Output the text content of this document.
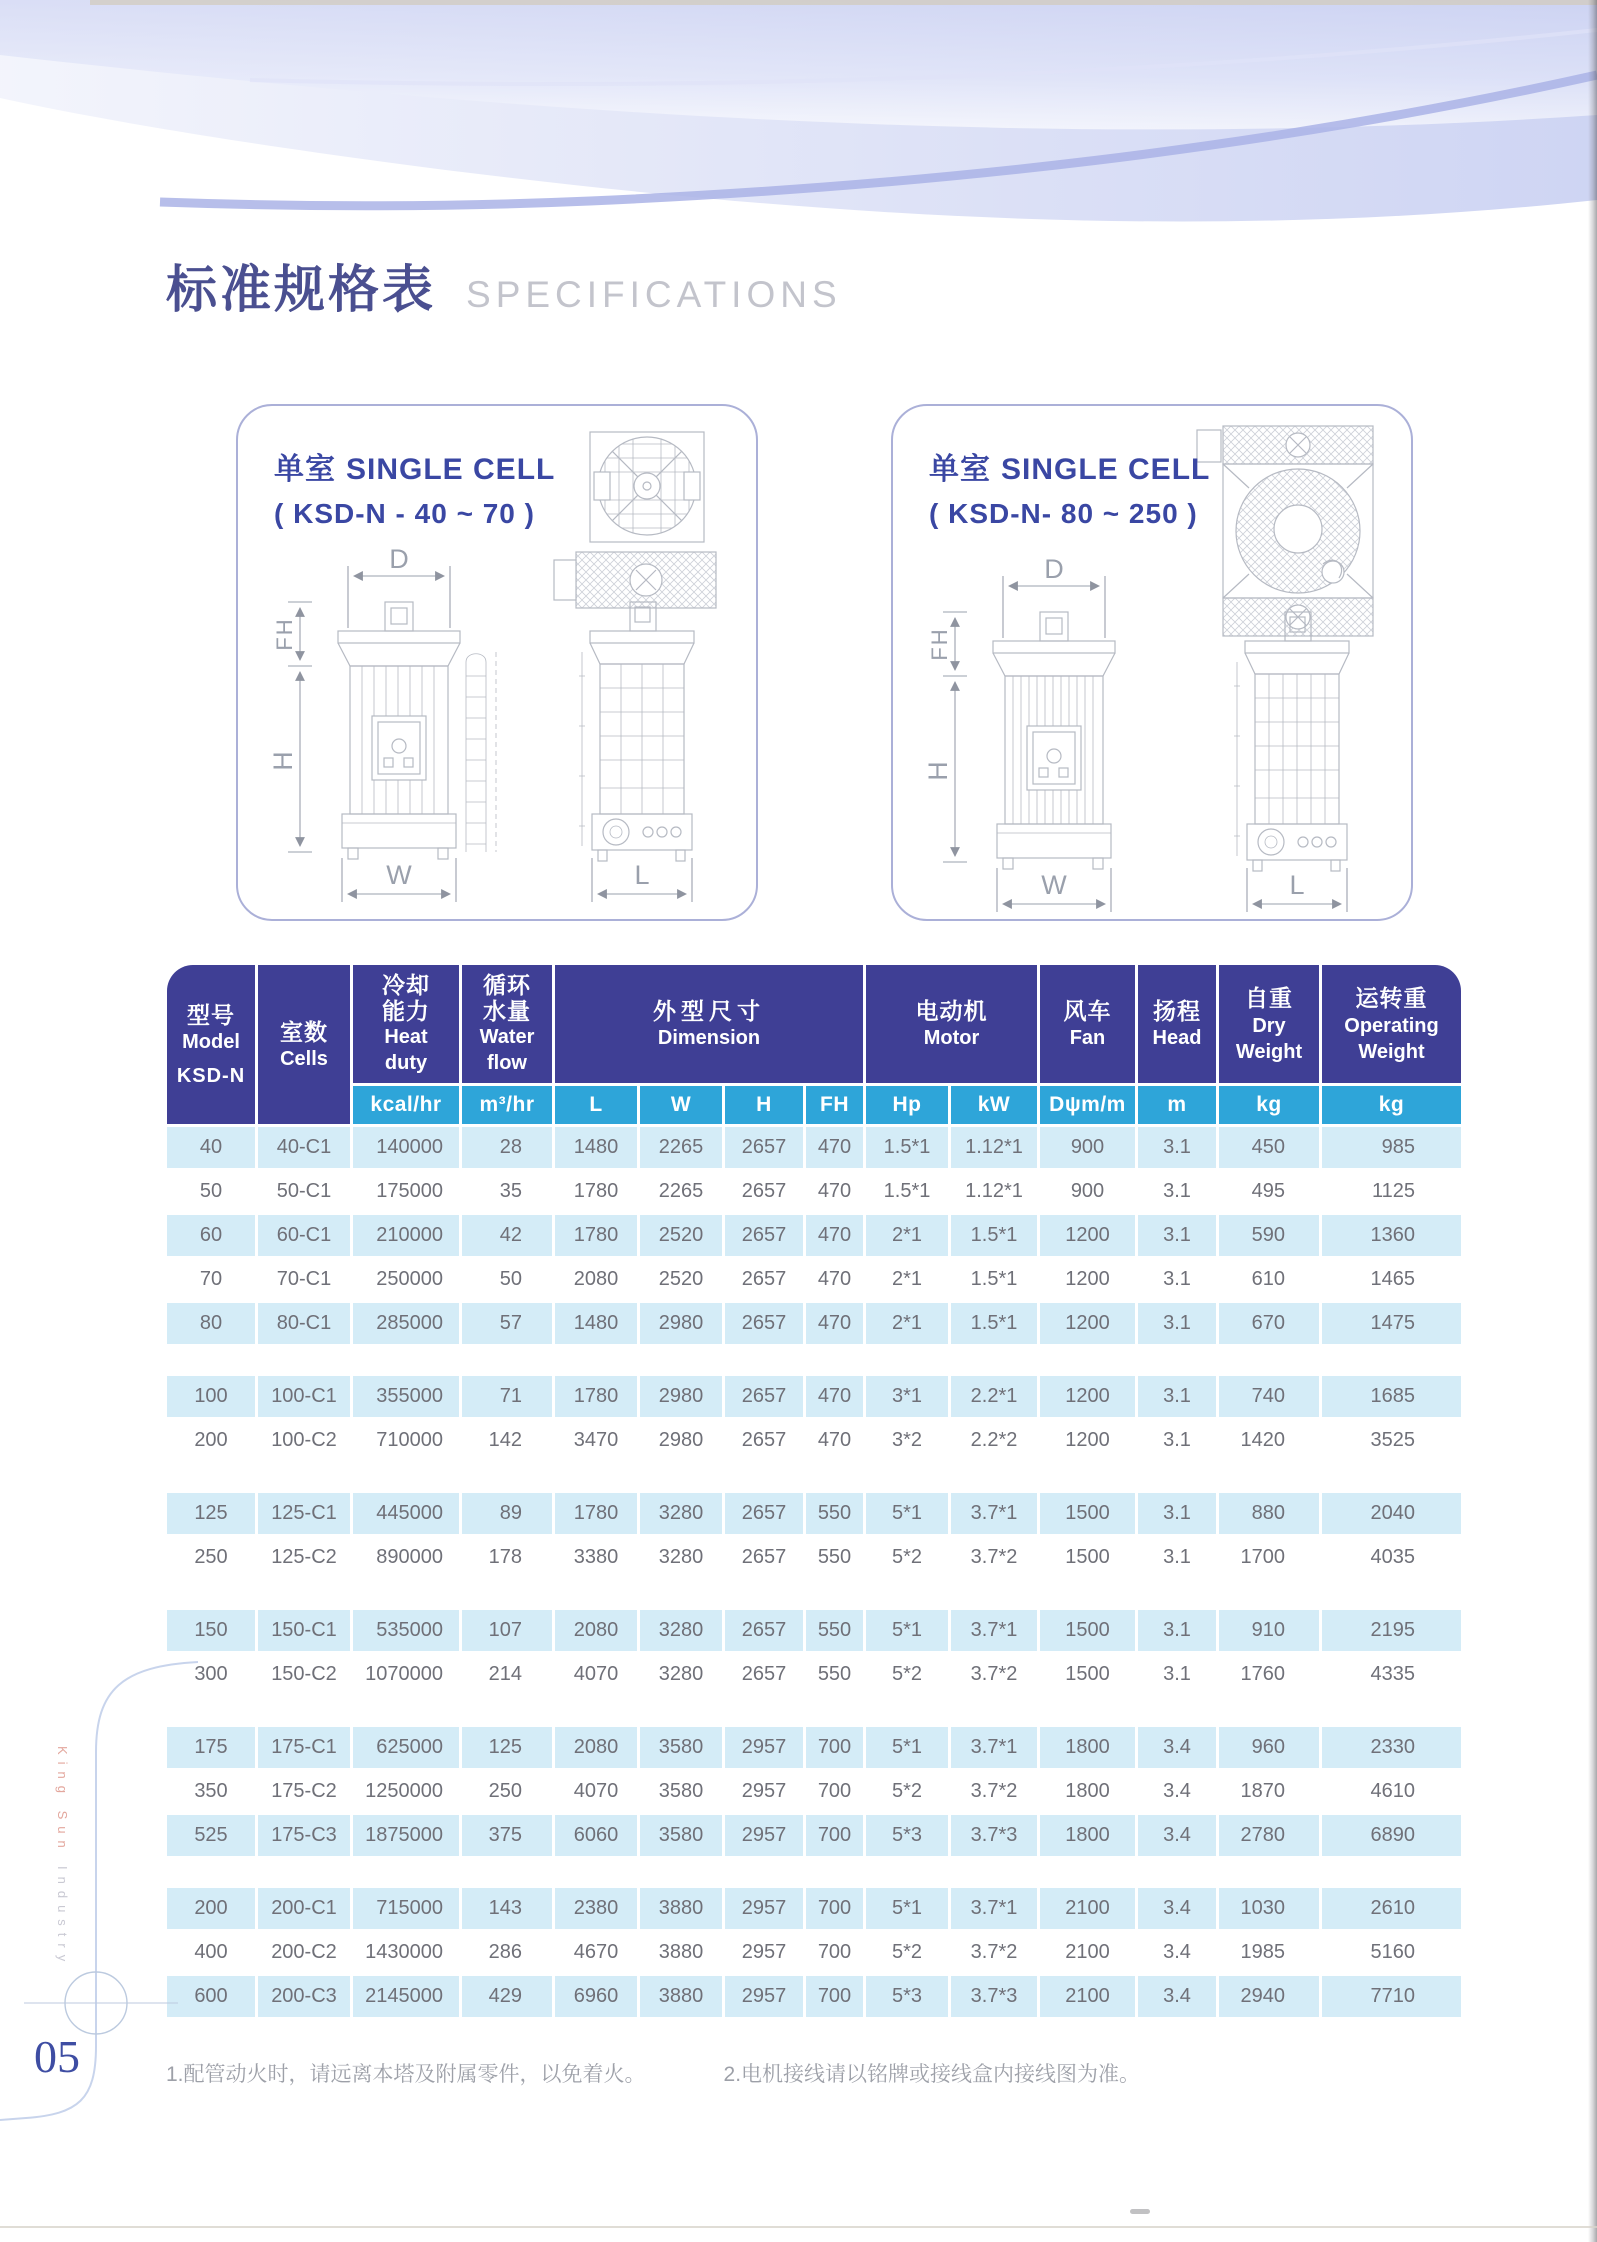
标准规格表 SPECIFICATIONS
单室 SINGLE CELL
( KSD-N - 40 ~ 70 )
D
FH
H
W	L
单室 SINGLE CELL
( KSD-N- 80 ~ 250 )
D
FH
H
W	L
型号
Model
KSD-N	室数
Cells	冷却
能力
Heat
duty	循环
水量
Water
flow	外型尺寸
Dimension				电动机
Motor		风车
Fan	扬程
Head	自重
Dry
Weight	运转重
Operating
Weight

		kcal/hr	m³/hr	L	W	H	FH	Hp	kW	Dψm/m	m	kg	kg
40	40-C1	140000	28	1480	2265	2657	470	1.5*1	1.12*1	900	3.1	450	985
50	50-C1	175000	35	1780	2265	2657	470	1.5*1	1.12*1	900	3.1	495	1125
60	60-C1	210000	42	1780	2520	2657	470	2*1	1.5*1	1200	3.1	590	1360
70	70-C1	250000	50	2080	2520	2657	470	2*1	1.5*1	1200	3.1	610	1465
80	80-C1	285000	57	1480	2980	2657	470	2*1	1.5*1	1200	3.1	670	1475

100	100-C1	355000	71	1780	2980	2657	470	3*1	2.2*1	1200	3.1	740	1685
200	100-C2	710000	142	3470	2980	2657	470	3*2	2.2*2	1200	3.1	1420	3525

125	125-C1	445000	89	1780	3280	2657	550	5*1	3.7*1	1500	3.1	880	2040
250	125-C2	890000	178	3380	3280	2657	550	5*2	3.7*2	1500	3.1	1700	4035

150	150-C1	535000	107	2080	3280	2657	550	5*1	3.7*1	1500	3.1	910	2195
300	150-C2	1070000	214	4070	3280	2657	550	5*2	3.7*2	1500	3.1	1760	4335

175	175-C1	625000	125	2080	3580	2957	700	5*1	3.7*1	1800	3.4	960	2330
350	175-C2	1250000	250	4070	3580	2957	700	5*2	3.7*2	1800	3.4	1870	4610
525	175-C3	1875000	375	6060	3580	2957	700	5*3	3.7*3	1800	3.4	2780	6890

200	200-C1	715000	143	2380	3880	2957	700	5*1	3.7*1	2100	3.4	1030	2610
400	200-C2	1430000	286	4670	3880	2957	700	5*2	3.7*2	2100	3.4	1985	5160
600	200-C3	2145000	429	6960	3880	2957	700	5*3	3.7*3	2100	3.4	2940	7710
1.配管动火时，请远离本塔及附属零件，以免着火。	2.电机接线请以铭牌或接线盒内接线图为准。
King Sun
Industry
05
